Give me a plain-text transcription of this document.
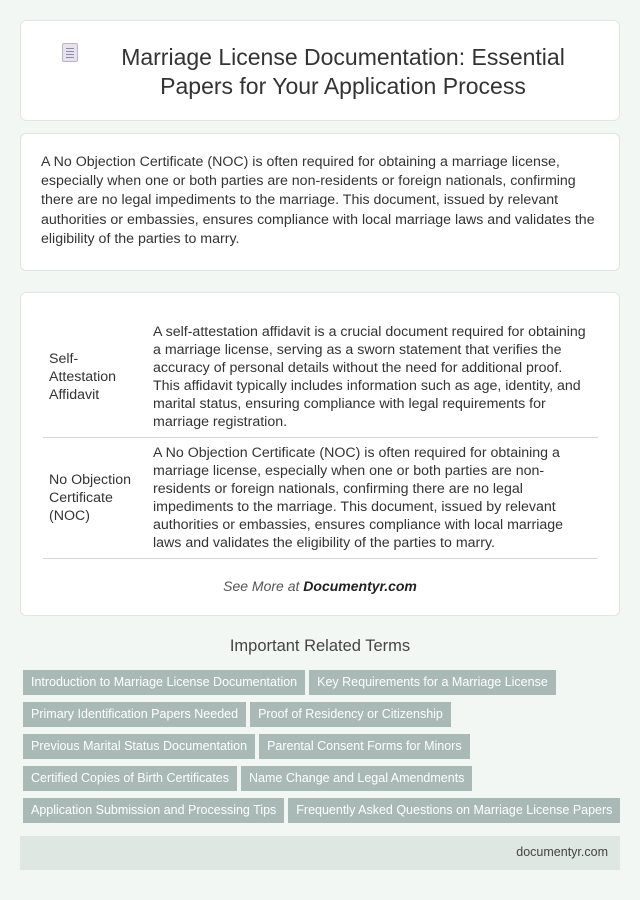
Marriage License Documentation: Essential Papers for Your Application Process

A No Objection Certificate (NOC) is often required for obtaining a marriage license, especially when one or both parties are non-residents or foreign nationals, confirming there are no legal impediments to the marriage. This document, issued by relevant authorities or embassies, ensures compliance with local marriage laws and validates the eligibility of the parties to marry.

Self-Attestation Affidavit	A self-attestation affidavit is a crucial document required for obtaining a marriage license, serving as a sworn statement that verifies the accuracy of personal details without the need for additional proof. This affidavit typically includes information such as age, identity, and marital status, ensuring compliance with legal requirements for marriage registration.
No Objection Certificate (NOC)	A No Objection Certificate (NOC) is often required for obtaining a marriage license, especially when one or both parties are non-residents or foreign nationals, confirming there are no legal impediments to the marriage. This document, issued by relevant authorities or embassies, ensures compliance with local marriage laws and validates the eligibility of the parties to marry.
See More at Documentyr.com
Important Related Terms
Introduction to Marriage License Documentation Key Requirements for a Marriage License
Primary Identification Papers Needed Proof of Residency or Citizenship
Previous Marital Status Documentation Parental Consent Forms for Minors
Certified Copies of Birth Certificates Name Change and Legal Amendments
Application Submission and Processing Tips Frequently Asked Questions on Marriage License Papers
documentyr.com
